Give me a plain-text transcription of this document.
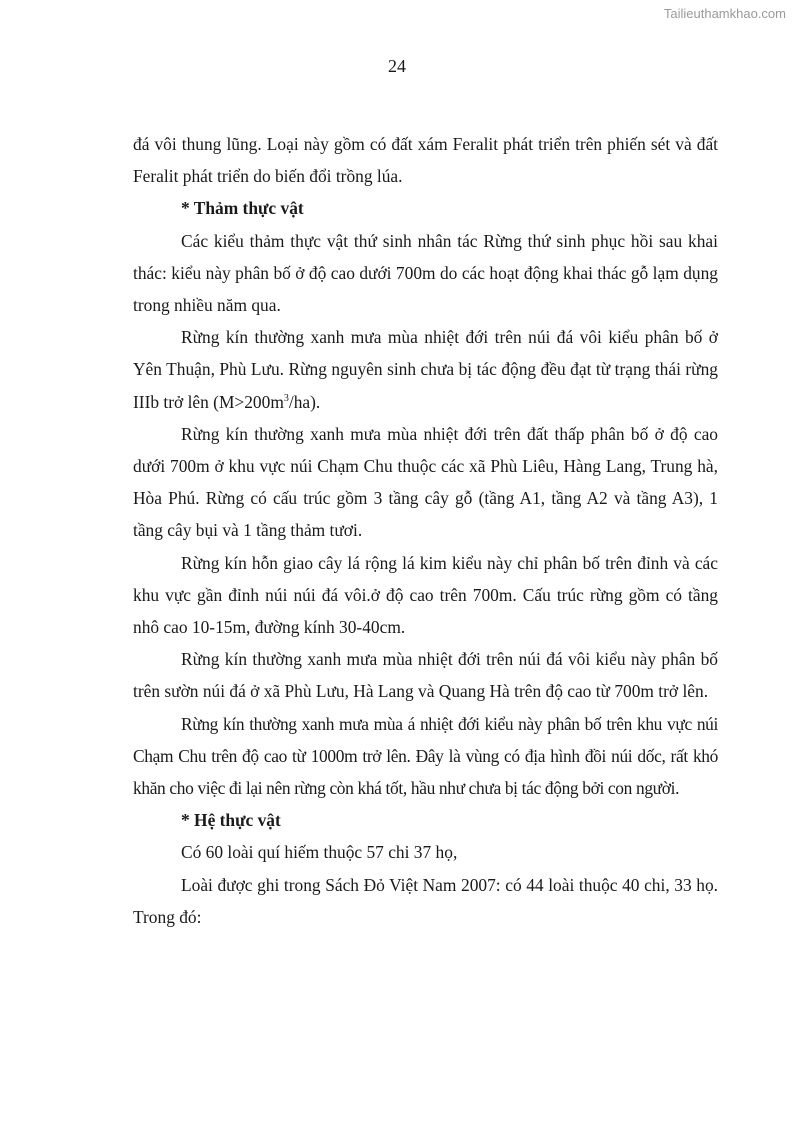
Tailieuthamkhao.com
24

đá vôi thung lũng. Loại này gồm có đất xám Feralit phát triển trên phiến sét và đất Feralit phát triển do biến đổi trồng lúa.

* Thảm thực vật

Các kiểu thảm thực vật thứ sinh nhân tác Rừng thứ sinh phục hồi sau khai thác: kiểu này phân bố ở độ cao dưới 700m do các hoạt động khai thác gỗ lạm dụng trong nhiều năm qua.

Rừng kín thường xanh mưa mùa nhiệt đới trên núi đá vôi kiểu phân bố ở Yên Thuận, Phù Lưu. Rừng nguyên sinh chưa bị tác động đều đạt từ trạng thái rừng IIIb trở lên $(M>200m^3/ha)$.

Rừng kín thường xanh mưa mùa nhiệt đới trên đất thấp phân bố ở độ cao dưới 700m ở khu vực núi Chạm Chu thuộc các xã Phù Liêu, Hàng Lang, Trung hà, Hòa Phú. Rừng có cấu trúc gồm 3 tầng cây gỗ (tầng A1, tầng A2 và tầng A3), 1 tầng cây bụi và 1 tầng thảm tươi.

Rừng kín hỗn giao cây lá rộng lá kim kiểu này chỉ phân bố trên đỉnh và các khu vực gần đỉnh núi núi đá vôi.ở độ cao trên 700m. Cấu trúc rừng gồm có tầng nhô cao 10-15m, đường kính 30-40cm.

Rừng kín thường xanh mưa mùa nhiệt đới trên núi đá vôi kiểu này phân bố trên sườn núi đá ở xã Phù Lưu, Hà Lang và Quang Hà trên độ cao từ 700m trở lên.

Rừng kín thường xanh mưa mùa á nhiệt đới kiểu này phân bố trên khu vực núi Chạm Chu trên độ cao từ 1000m trở lên. Đây là vùng có địa hình đồi núi dốc, rất khó khăn cho việc đi lại nên rừng còn khá tốt, hầu như chưa bị tác động bởi con người.

* Hệ thực vật

Có 60 loài quí hiếm thuộc 57 chi 37 họ,

Loài được ghi trong Sách Đỏ Việt Nam 2007: có 44 loài thuộc 40 chi, 33 họ. Trong đó:
